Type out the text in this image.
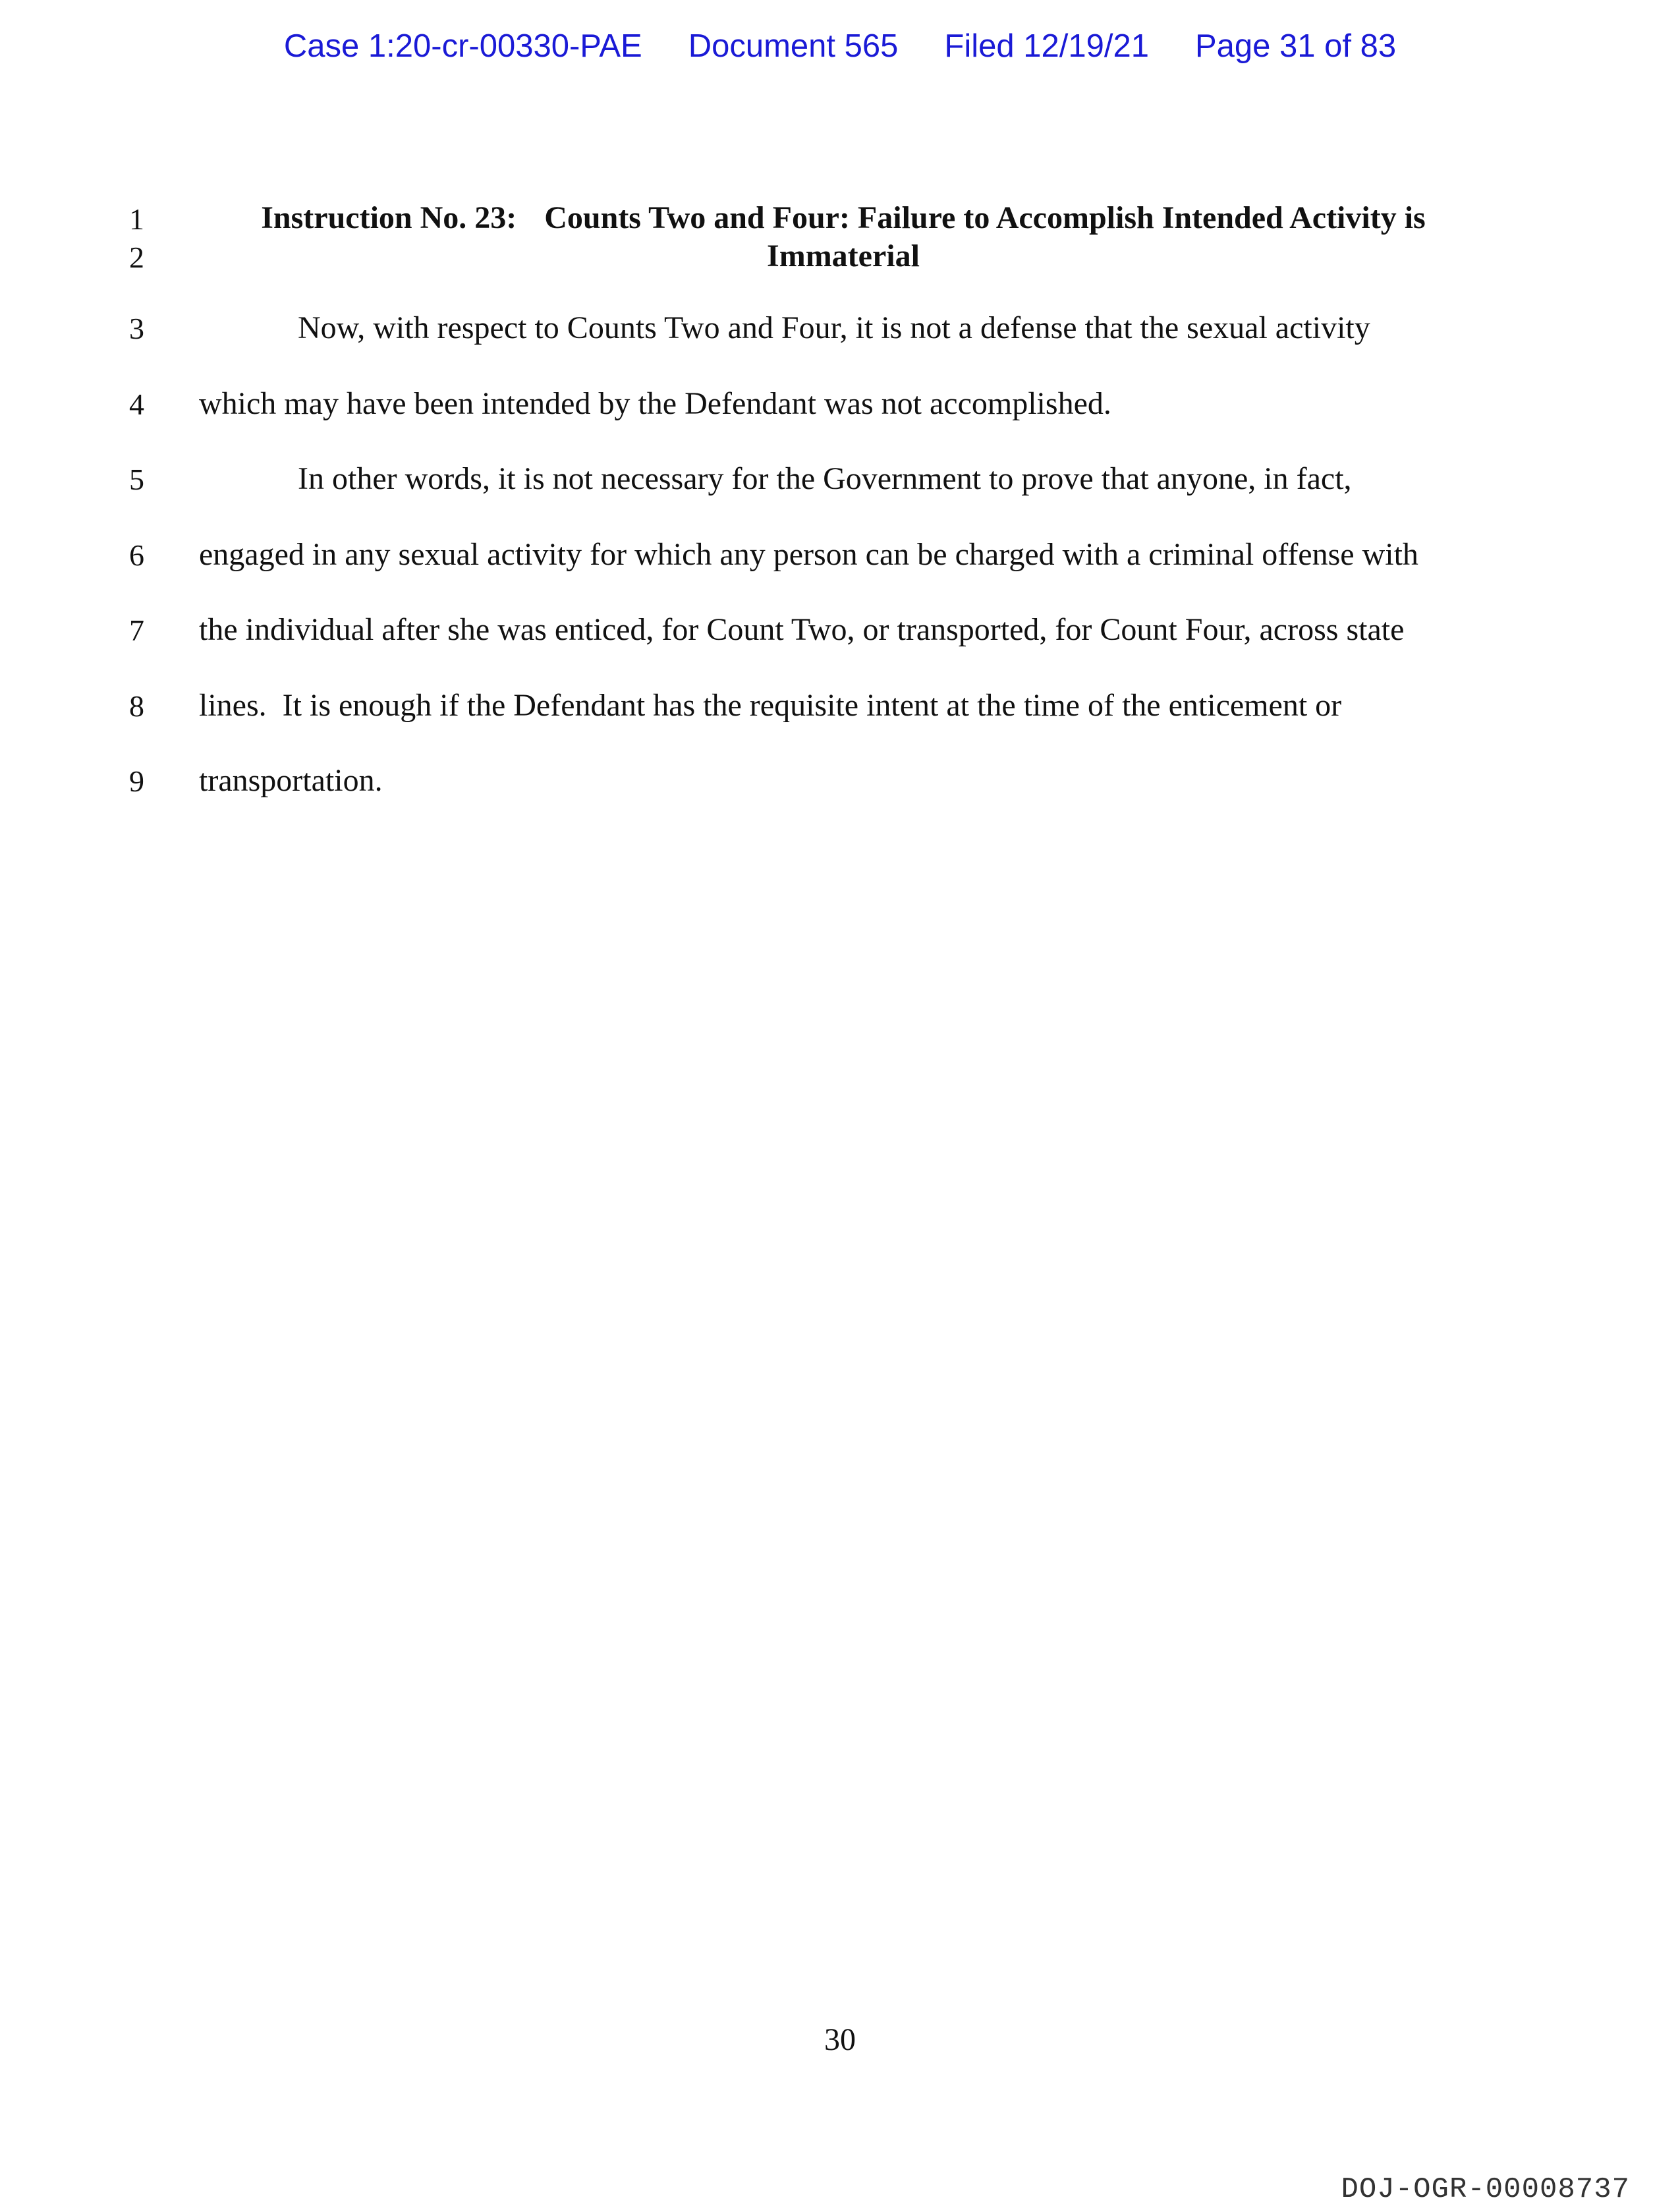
Case 1:20-cr-00330-PAE Document 565 Filed 12/19/21 Page 31 of 83
1
2
3
4
5
6
7
8
9
Instruction No. 23: Counts Two and Four: Failure to Accomplish Intended Activity is
Immaterial
Now, with respect to Counts Two and Four, it is not a defense that the sexual activity
which may have been intended by the Defendant was not accomplished.
In other words, it is not necessary for the Government to prove that anyone, in fact,
engaged in any sexual activity for which any person can be charged with a criminal offense with
the individual after she was enticed, for Count Two, or transported, for Count Four, across state
lines.  It is enough if the Defendant has the requisite intent at the time of the enticement or
transportation.
30
DOJ-OGR-00008737
